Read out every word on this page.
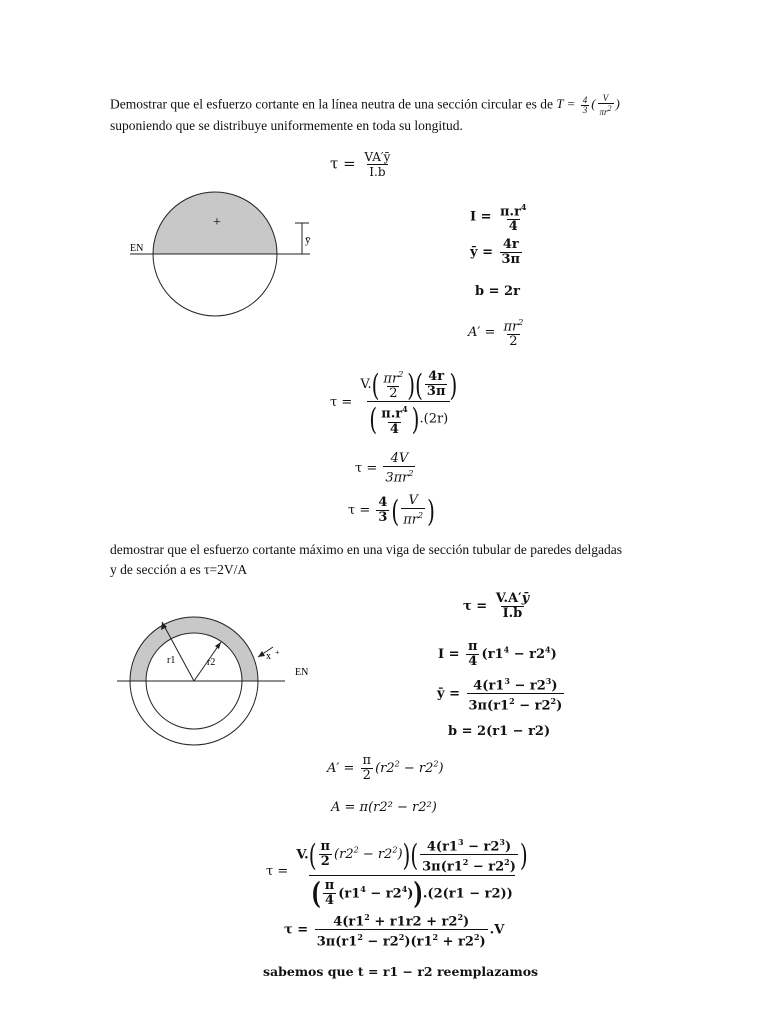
Demostrar que el esfuerzo cortante en la línea neutra de una sección circular es de $T = \frac{4}{3}$ ( $\frac{V}{\pi r^2}$ )
suponiendo que se distribuye uniformemente en toda su longitud.
$\tau = \frac{VA'ȳ}{I.b}$
+
ȳ
EN
$I = \frac{\pi.r^4}{4}$
ȳ = $\frac{4r}{3\pi}$
b = 2r
$A' = \frac{\pi r^2}{2}$
$\tau = \frac{V.( \frac{\pi r^2}{2} )( \frac{4r}{3\pi} )}{( \frac{\pi.r^4}{4} ).(2r)}$
$\tau = \frac{4V}{3\pi r^2}$
$\tau = \frac{4}{3}$ ( $\frac{V}{\pi r^2}$ )
demostrar que el esfuerzo cortante máximo en una viga de sección tubular de paredes delgadas
y de sección a es τ=2V/A
$\tau = \frac{V.A'ȳ}{I.b}$
r1	r2
x +
EN
$I = \frac{\pi}{4} (r1^4 - r2^4)$
ȳ = $\frac{4(r1^3 - r2^3)}{3\pi(r1^2 - r2^2)}$
b = 2(r1 − r2)
$A' = \frac{\pi}{2} (r2^2 - r2^2)$
A = π(r2² − r2²)
$\tau = \frac{V.( \frac{\pi}{2} (r2^2 - r2^2))( \frac{4(r1^3 - r2^3)}{3\pi(r1^2 - r2^2)} )}{( \frac{\pi}{4} (r1^4 - r2^4)).(2(r1 - r2))}$
$\tau = \frac{4(r1^2 + r1r2 + r2^2)}{3\pi(r1^2 - r2^2)(r1^2 + r2^2)} .V$
sabemos que t = r1 − r2 reemplazamos
